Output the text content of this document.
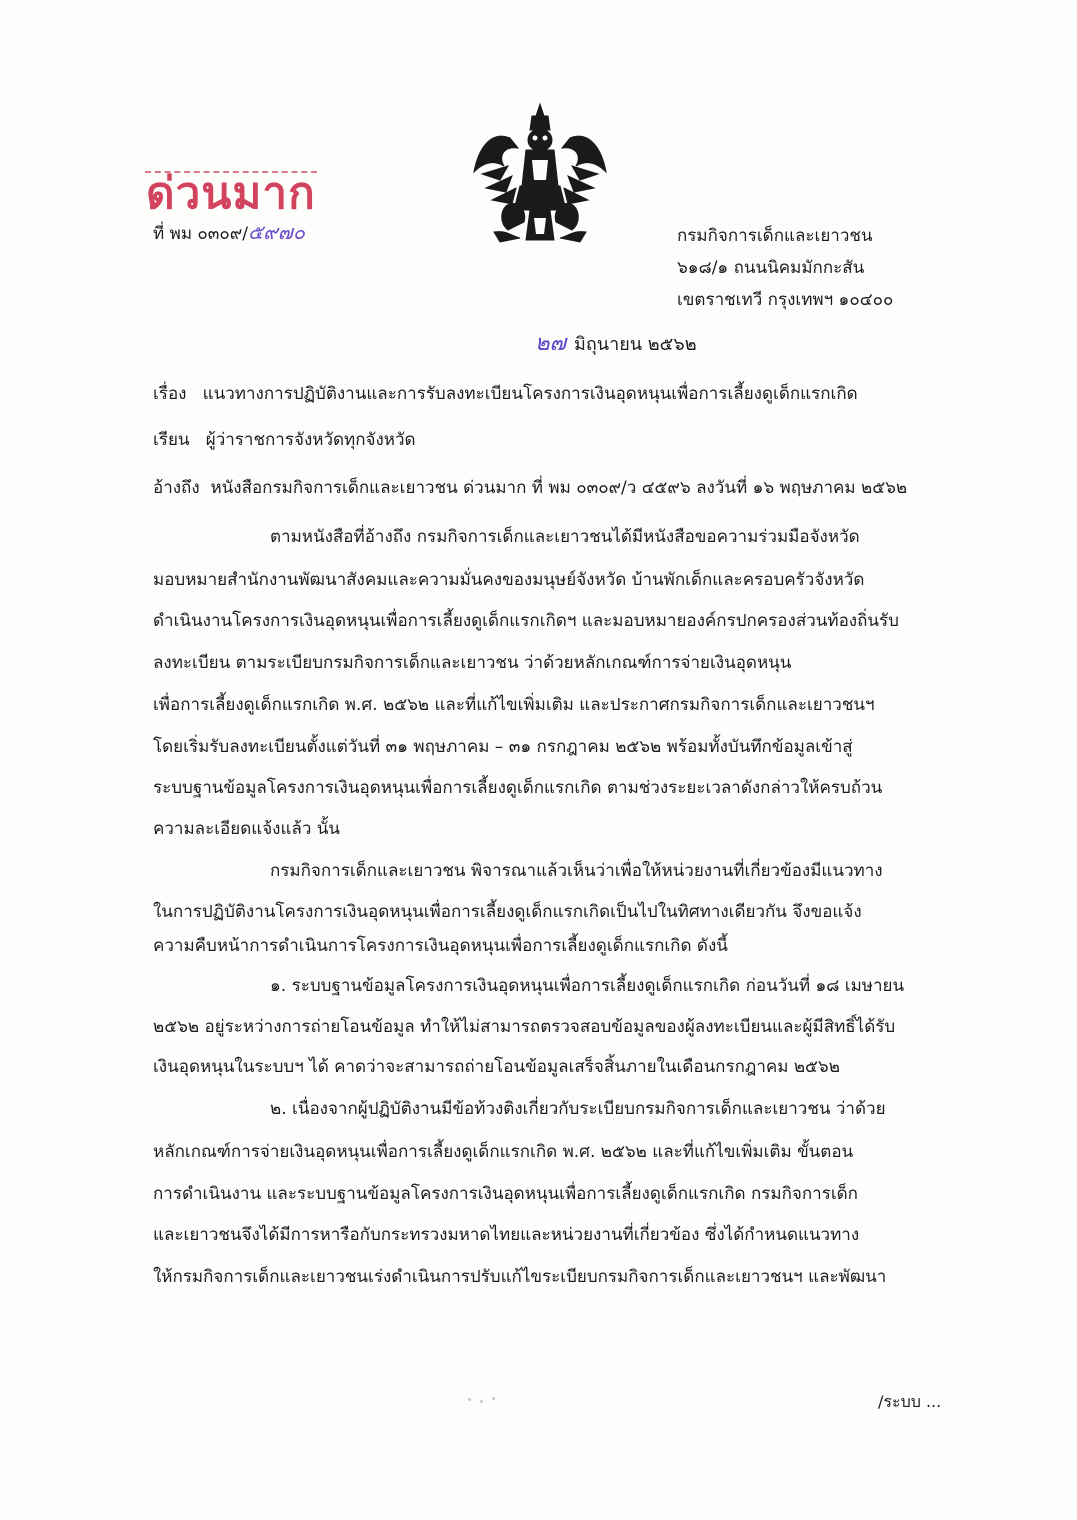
ด่วนมาก
ที่ พม ๐๓๐๙/๕๙๗๐	กรมกิจการเด็กและเยาวชน
๖๑๘/๑ ถนนนิคมมักกะสัน
เขตราชเทวี กรุงเทพฯ ๑๐๔๐๐
๒๗ มิถุนายน ๒๕๖๒
เรื่อง แนวทางการปฏิบัติงานและการรับลงทะเบียนโครงการเงินอุดหนุนเพื่อการเลี้ยงดูเด็กแรกเกิด
เรียน ผู้ว่าราชการจังหวัดทุกจังหวัด
อ้างถึง หนังสือกรมกิจการเด็กและเยาวชน ด่วนมาก ที่ พม ๐๓๐๙/ว ๔๕๙๖ ลงวันที่ ๑๖ พฤษภาคม ๒๕๖๒
ตามหนังสือที่อ้างถึง กรมกิจการเด็กและเยาวชนได้มีหนังสือขอความร่วมมือจังหวัด
มอบหมายสำนักงานพัฒนาสังคมและความมั่นคงของมนุษย์จังหวัด บ้านพักเด็กและครอบครัวจังหวัด
ดำเนินงานโครงการเงินอุดหนุนเพื่อการเลี้ยงดูเด็กแรกเกิดฯ และมอบหมายองค์กรปกครองส่วนท้องถิ่นรับ
ลงทะเบียน ตามระเบียบกรมกิจการเด็กและเยาวชน ว่าด้วยหลักเกณฑ์การจ่ายเงินอุดหนุน
เพื่อการเลี้ยงดูเด็กแรกเกิด พ.ศ. ๒๕๖๒ และที่แก้ไขเพิ่มเติม และประกาศกรมกิจการเด็กและเยาวชนฯ
โดยเริ่มรับลงทะเบียนตั้งแต่วันที่ ๓๑ พฤษภาคม – ๓๑ กรกฎาคม ๒๕๖๒ พร้อมทั้งบันทึกข้อมูลเข้าสู่
ระบบฐานข้อมูลโครงการเงินอุดหนุนเพื่อการเลี้ยงดูเด็กแรกเกิด ตามช่วงระยะเวลาดังกล่าวให้ครบถ้วน
ความละเอียดแจ้งแล้ว นั้น
กรมกิจการเด็กและเยาวชน พิจารณาแล้วเห็นว่าเพื่อให้หน่วยงานที่เกี่ยวข้องมีแนวทาง
ในการปฏิบัติงานโครงการเงินอุดหนุนเพื่อการเลี้ยงดูเด็กแรกเกิดเป็นไปในทิศทางเดียวกัน จึงขอแจ้ง
ความคืบหน้าการดำเนินการโครงการเงินอุดหนุนเพื่อการเลี้ยงดูเด็กแรกเกิด ดังนี้
๑. ระบบฐานข้อมูลโครงการเงินอุดหนุนเพื่อการเลี้ยงดูเด็กแรกเกิด ก่อนวันที่ ๑๘ เมษายน
๒๕๖๒ อยู่ระหว่างการถ่ายโอนข้อมูล ทำให้ไม่สามารถตรวจสอบข้อมูลของผู้ลงทะเบียนและผู้มีสิทธิ์ได้รับ
เงินอุดหนุนในระบบฯ ได้ คาดว่าจะสามารถถ่ายโอนข้อมูลเสร็จสิ้นภายในเดือนกรกฎาคม ๒๕๖๒
๒. เนื่องจากผู้ปฏิบัติงานมีข้อท้วงติงเกี่ยวกับระเบียบกรมกิจการเด็กและเยาวชน ว่าด้วย
หลักเกณฑ์การจ่ายเงินอุดหนุนเพื่อการเลี้ยงดูเด็กแรกเกิด พ.ศ. ๒๕๖๒ และที่แก้ไขเพิ่มเติม ขั้นตอน
การดำเนินงาน และระบบฐานข้อมูลโครงการเงินอุดหนุนเพื่อการเลี้ยงดูเด็กแรกเกิด กรมกิจการเด็ก
และเยาวชนจึงได้มีการหารือกับกระทรวงมหาดไทยและหน่วยงานที่เกี่ยวข้อง ซึ่งได้กำหนดแนวทาง
ให้กรมกิจการเด็กและเยาวชนเร่งดำเนินการปรับแก้ไขระเบียบกรมกิจการเด็กและเยาวชนฯ และพัฒนา
/ระบบ ...
